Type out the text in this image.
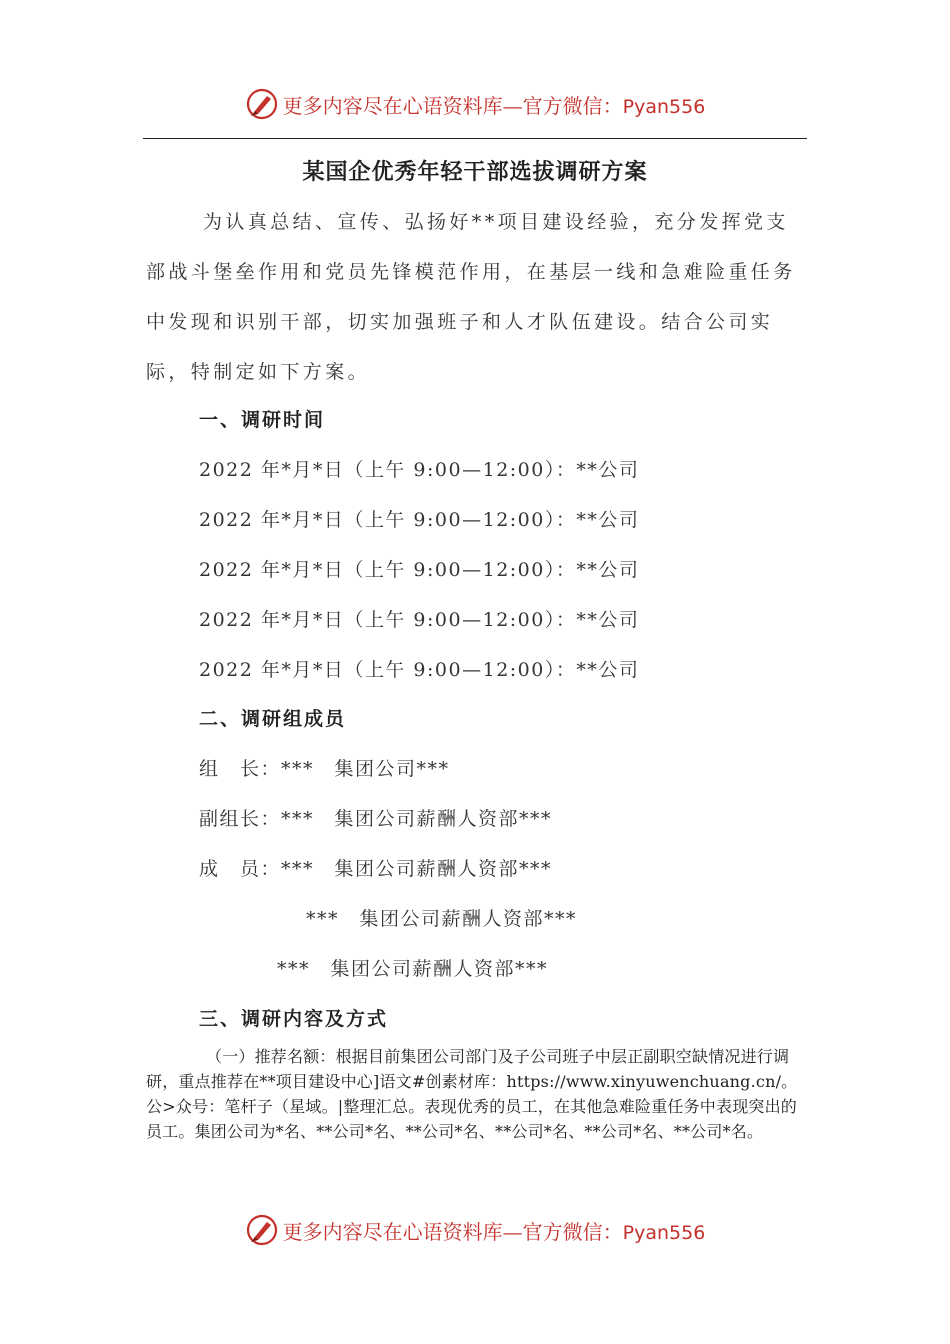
更多内容尽在心语资料库—官方微信：Pyan556
某国企优秀年轻干部选拔调研方案
为认真总结、宣传、弘扬好**项目建设经验，充分发挥党支部战斗堡垒作用和党员先锋模范作用，在基层一线和急难险重任务中发现和识别干部，切实加强班子和人才队伍建设。结合公司实际，特制定如下方案。
一、调研时间
2022 年*月*日（上午 9:00—12:00）：**公司
2022 年*月*日（上午 9:00—12:00）：**公司
2022 年*月*日（上午 9:00—12:00）：**公司
2022 年*月*日（上午 9:00—12:00）：**公司
2022 年*月*日（上午 9:00—12:00）：**公司
二、调研组成员
组　长：***　集团公司***
副组长：***　集团公司薪酬人资部***
成　员：***　集团公司薪酬人资部***
***　集团公司薪酬人资部***
***　集团公司薪酬人资部***
三、调研内容及方式
（一）推荐名额：根据目前集团公司部门及子公司班子中层正副职空缺情况进行调研，重点推荐在**项目建设中心]语文#创素材库：https://www.xinyuwenchuang.cn/。公>众号：笔杆子（星域。|整理汇总。表现优秀的员工，在其他急难险重任务中表现突出的员工。集团公司为*名、**公司*名、**公司*名、**公司*名、**公司*名、**公司*名。
更多内容尽在心语资料库—官方微信：Pyan556
